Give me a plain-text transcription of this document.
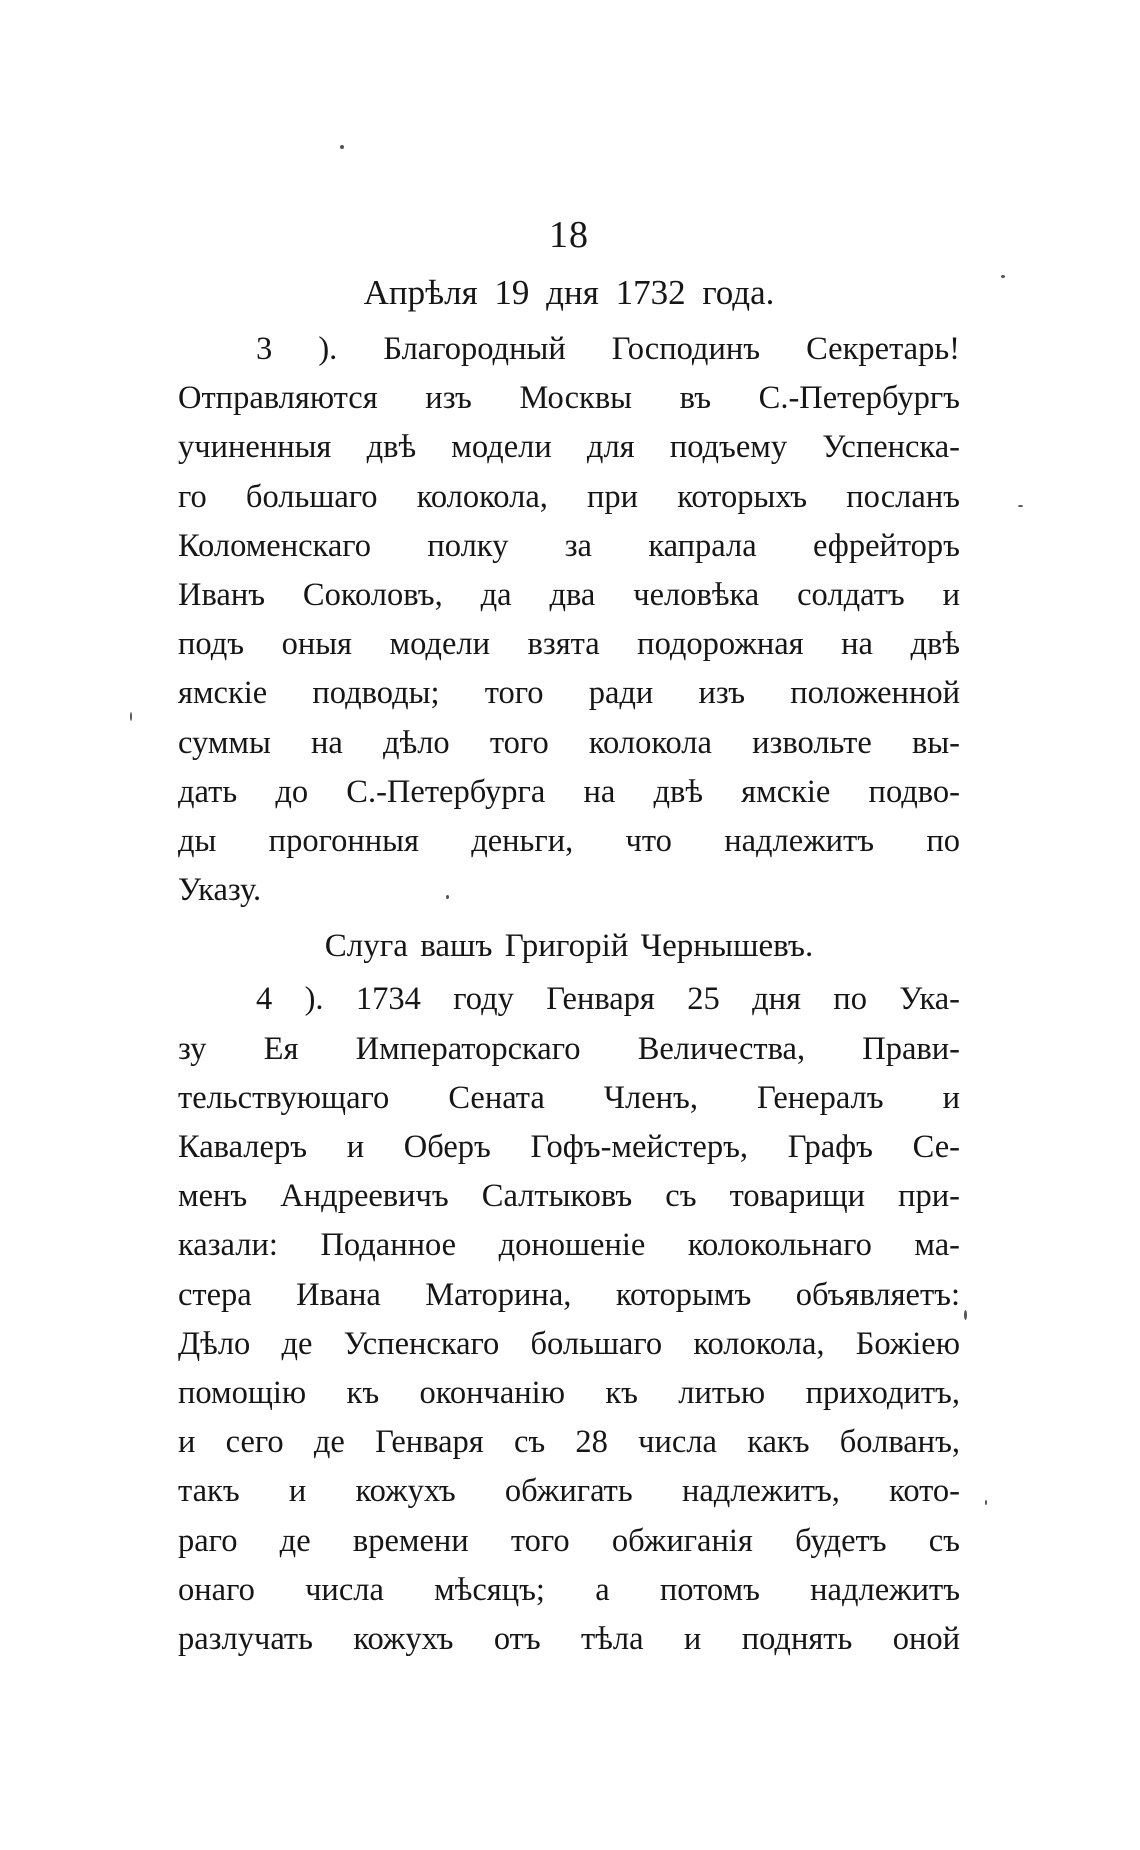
18
Апрѣля 19 дня 1732 года.
3 ). Благородный Господинъ Секретарь!
Отправляются изъ Москвы въ С.-Петербургъ
учиненныя двѣ модели для подъему Успенска-
го большаго колокола, при которыхъ посланъ
Коломенскаго полку за капрала ефрейторъ
Иванъ Соколовъ, да два человѣка солдатъ и
подъ оныя модели взята подорожная на двѣ
ямскіе подводы; того ради изъ положенной
суммы на дѣло того колокола извольте вы-
дать до С.-Петербурга на двѣ ямскіе подво-
ды прогонныя деньги, что надлежитъ по
Указу.
Слуга вашъ Григорій Чернышевъ.
4 ). 1734 году Генваря 25 дня по Ука-
зу Ея Императорскаго Величества, Прави-
тельствующаго Сената Членъ, Генералъ и
Кавалеръ и Оберъ Гофъ-мейстеръ, Графъ Се-
менъ Андреевичъ Салтыковъ съ товарищи при-
казали: Поданное доношеніе колокольнаго ма-
стера Ивана Маторина, которымъ объявляетъ:
Дѣло де Успенскаго большаго колокола, Божіею
помощію къ окончанію къ литью приходитъ,
и сего де Генваря съ 28 числа какъ болванъ,
такъ и кожухъ обжигать надлежитъ, кото-
раго де времени того обжиганія будетъ съ
онаго числа мѣсяцъ; а потомъ надлежитъ
разлучать кожухъ отъ тѣла и поднять оной
